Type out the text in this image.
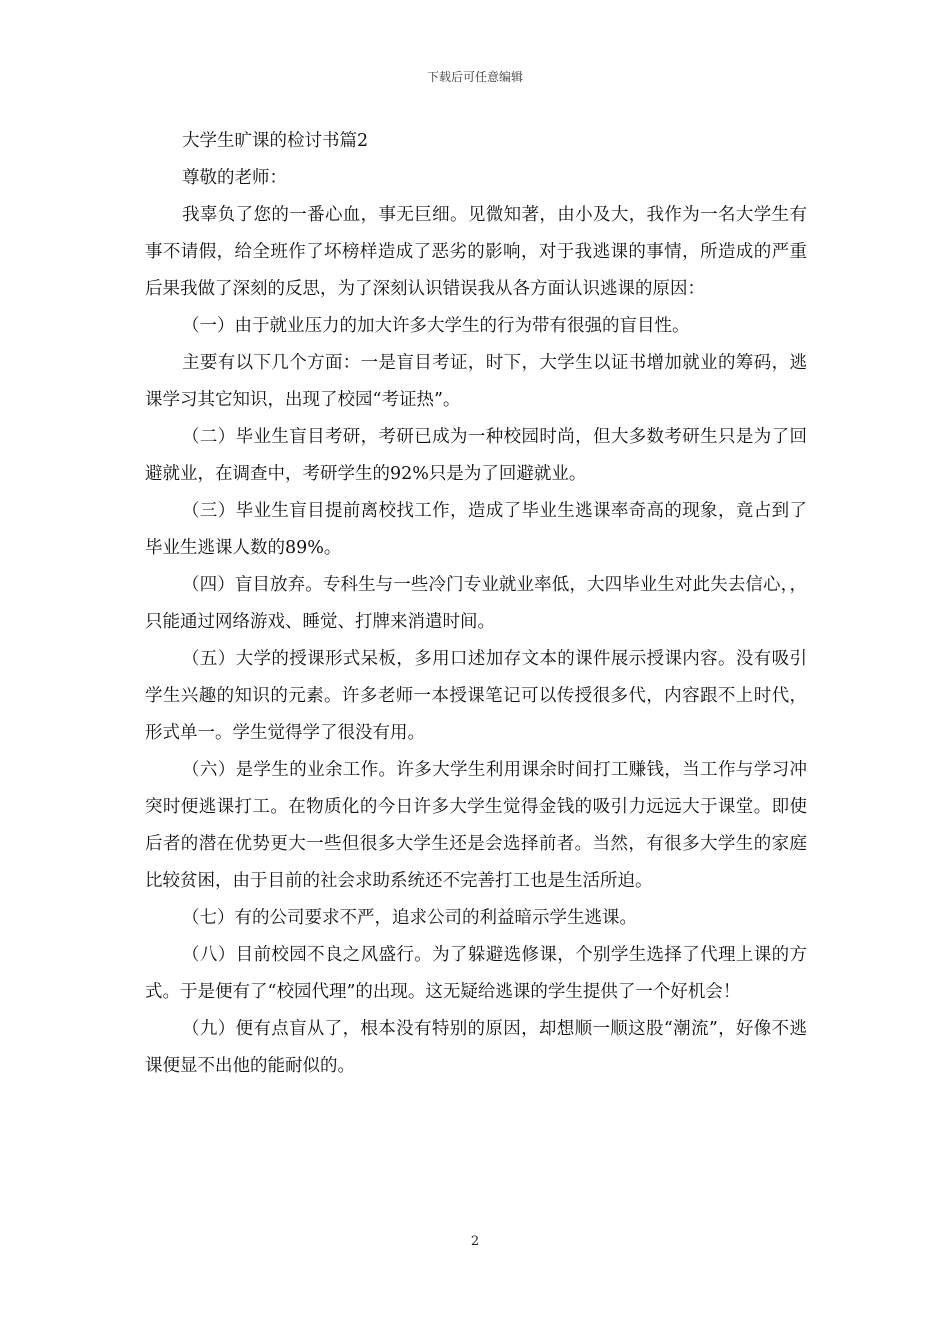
下载后可任意编辑

大学生旷课的检讨书篇2

尊敬的老师：

我辜负了您的一番心血，事无巨细。见微知著，由小及大，我作为一名大学生有事不请假，给全班作了坏榜样造成了恶劣的影响，对于我逃课的事情，所造成的严重后果我做了深刻的反思，为了深刻认识错误我从各方面认识逃课的原因：

（一）由于就业压力的加大许多大学生的行为带有很强的盲目性。

主要有以下几个方面：一是盲目考证，时下，大学生以证书增加就业的筹码，逃课学习其它知识，出现了校园“考证热”。

（二）毕业生盲目考研，考研已成为一种校园时尚，但大多数考研生只是为了回避就业，在调查中，考研学生的92%只是为了回避就业。

（三）毕业生盲目提前离校找工作，造成了毕业生逃课率奇高的现象，竟占到了毕业生逃课人数的89%。

（四）盲目放弃。专科生与一些冷门专业就业率低，大四毕业生对此失去信心，，只能通过网络游戏、睡觉、打牌来消遣时间。

（五）大学的授课形式呆板，多用口述加存文本的课件展示授课内容。没有吸引学生兴趣的知识的元素。许多老师一本授课笔记可以传授很多代，内容跟不上时代，形式单一。学生觉得学了很没有用。

（六）是学生的业余工作。许多大学生利用课余时间打工赚钱，当工作与学习冲突时便逃课打工。在物质化的今日许多大学生觉得金钱的吸引力远远大于课堂。即使后者的潜在优势更大一些但很多大学生还是会选择前者。当然，有很多大学生的家庭比较贫困，由于目前的社会求助系统还不完善打工也是生活所迫。

（七）有的公司要求不严，追求公司的利益暗示学生逃课。

（八）目前校园不良之风盛行。为了躲避选修课，个别学生选择了代理上课的方式。于是便有了“校园代理”的出现。这无疑给逃课的学生提供了一个好机会！

（九）便有点盲从了，根本没有特别的原因，却想顺一顺这股“潮流”，好像不逃课便显不出他的能耐似的。

2
